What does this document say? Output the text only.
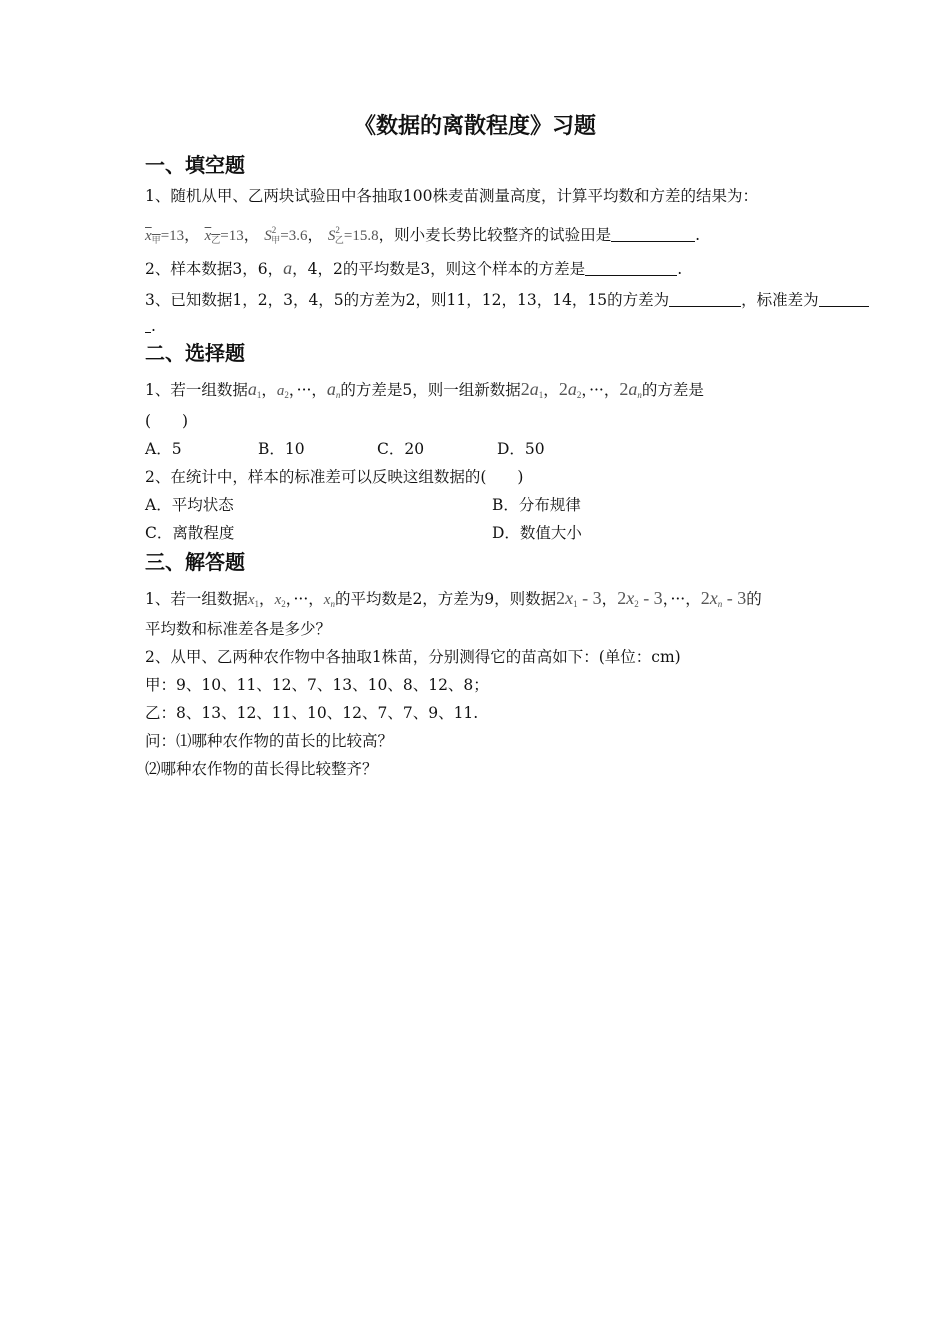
《数据的离散程度》习题
一、填空题
1、随机从甲、乙两块试验田中各抽取100株麦苗测量高度，计算平均数和方差的结果为：
$x_甲=13$， $x_乙=13$， $S^2_甲=3.6$， $S^2_乙=15.8$，则小麦长势比较整齐的试验田是	.
2、样本数据3，6，a，4，2的平均数是3，则这个样本的方差是	.
3、已知数据1，2，3，4，5的方差为2，则11，12，13，14，15的方差为	，标准差为
.
二、选择题
1、若一组数据$a_1$，$a_2$，···，an的方差是5，则一组新数据$2a_1$，$2a_2$，···，2an的方差是
(　　)
A．5	B．10	C．20	D．50
2、在统计中，样本的标准差可以反映这组数据的(　　)
A．平均状态	B．分布规律
C．离散程度	D．数值大小
三、解答题
1、若一组数据$x_1$，$x_2$，···，$x_n$的平均数是2，方差为9，则数据$2x_1 - 3$，$2x_2 - 3$，···，2xn - 3的
平均数和标准差各是多少？
2、从甲、乙两种农作物中各抽取1株苗，分别测得它的苗高如下：(单位：cm)
甲：9、10、11、12、7、13、10、8、12、8；
乙：8、13、12、11、10、12、7、7、9、11.
问：⑴哪种农作物的苗长的比较高？
⑵哪种农作物的苗长得比较整齐？
